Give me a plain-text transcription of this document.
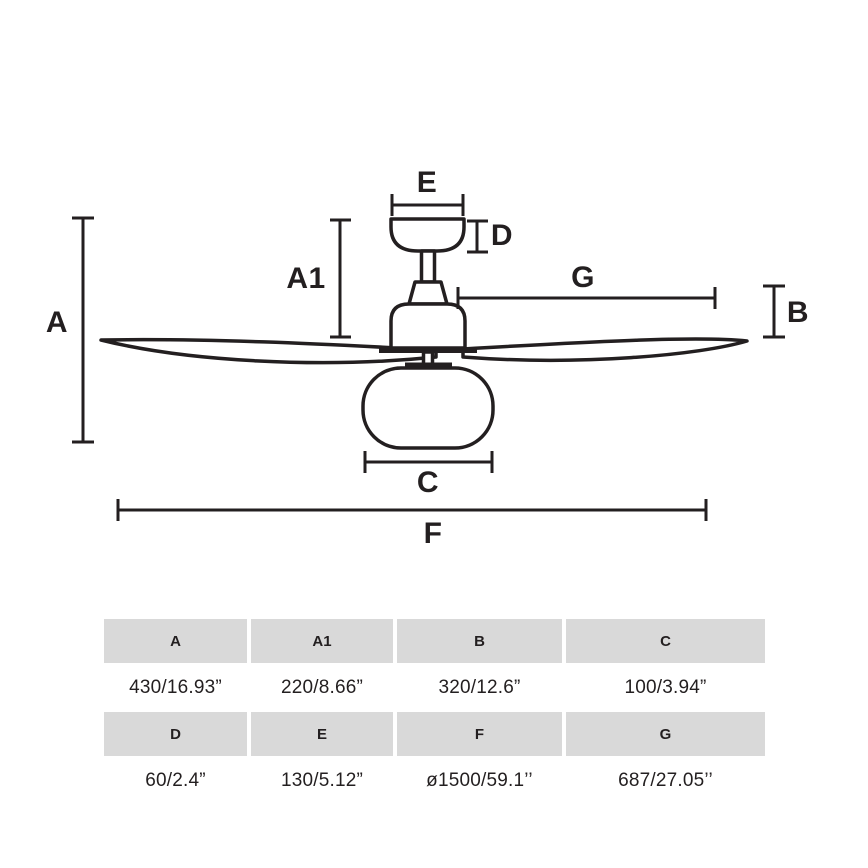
A
A1
E
D
G
B
C
F
A	A1	B	C
430/16.93”	220/8.66”	320/12.6”	100/3.94”
D	E	F	G
60/2.4”	130/5.12”	ø1500/59.1’’	687/27.05’’
